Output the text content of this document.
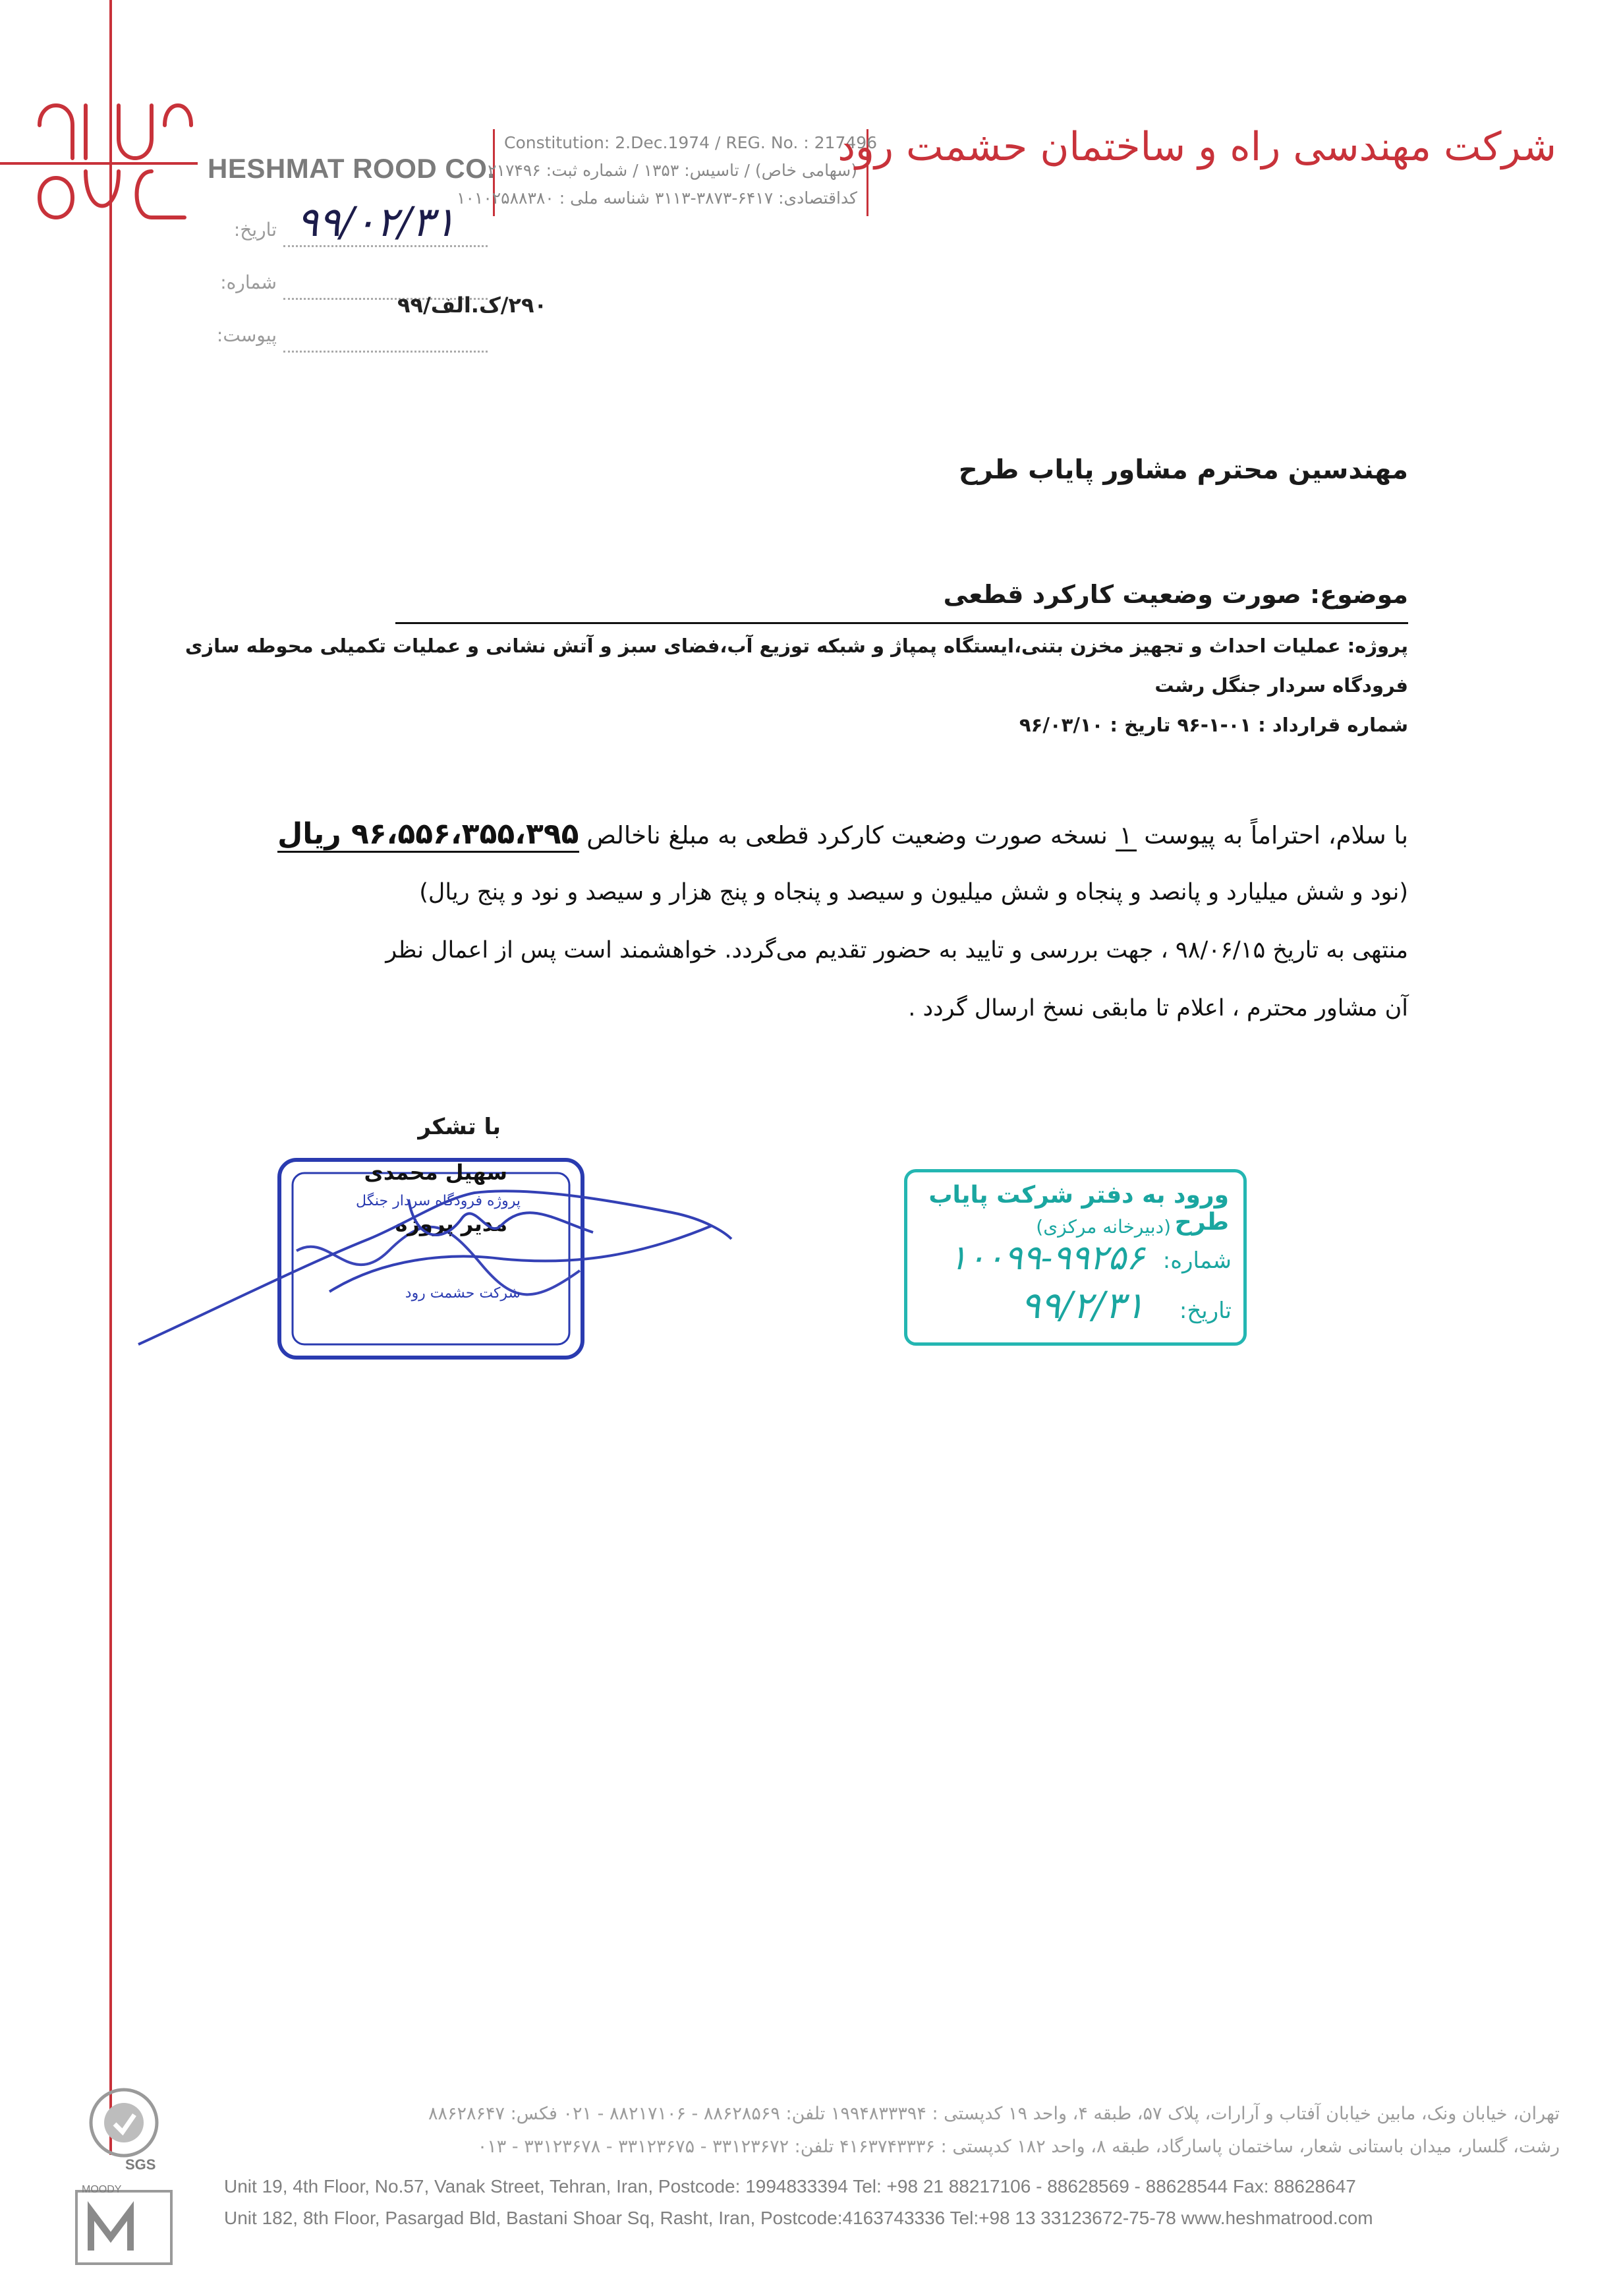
HESHMAT ROOD CO.
Constitution: 2.Dec.1974 / REG. No. : 217496
(سهامی خاص) / تاسیس: ۱۳۵۳ / شماره ثبت: ۲۱۷۴۹۶
کداقتصادی: ۶۴۱۷-۳۸۷۳-۳۱۱۳ شناسه ملی : ۱۰۱۰۲۵۸۸۳۸۰
شرکت مهندسی راه و ساختمان حشمت رود
تاریخ: ۹۹/۰۲/۳۱
شماره:
۲۹۰/ک.الف/۹۹
پیوست:
مهندسین محترم مشاور پایاب طرح
موضوع: صورت وضعیت کارکرد قطعی
پروژه: عملیات احداث و تجهیز مخزن بتنی،ایستگاه پمپاژ و شبکه توزیع آب،فضای سبز و آتش نشانی و عملیات تکمیلی محوطه سازی
فرودگاه سردار جنگل رشت
شماره قرارداد : ۰۱-۱-۹۶ تاریخ : ۹۶/۰۳/۱۰
با سلام، احتراماً به پیوست ۱ نسخه صورت وضعیت کارکرد قطعی به مبلغ ناخالص ۹۶،۵۵۶،۳۵۵،۳۹۵ ریال
(نود و شش میلیارد و پانصد و پنجاه و شش میلیون و سیصد و پنجاه و پنج هزار و سیصد و نود و پنج ریال)
منتهی به تاریخ ۹۸/۰۶/۱۵ ، جهت بررسی و تایید به حضور تقدیم می‌گردد. خواهشمند است پس از اعمال نظر
آن مشاور محترم ، اعلام تا مابقی نسخ ارسال گردد .
با تشکر
پروژه فرودگاه سردار جنگل
شرکت حشمت رود
سهیل محمدی
مدیر پروژه
ورود به دفتر شرکت پایاب طرح
(دبیرخانه مرکزی)
شماره:
۱۰۰۹۹-۹۹۲۵۶
تاریخ:
۹۹/۲/۳۱
SGS
MOODY
تهران، خیابان ونک، مابین خیابان آفتاب و آرارات، پلاک ۵۷، طبقه ۴، واحد ۱۹ کدپستی : ۱۹۹۴۸۳۳۳۹۴ تلفن: ۸۸۶۲۸۵۶۹ - ۸۸۲۱۷۱۰۶ - ۰۲۱ فکس: ۸۸۶۲۸۶۴۷
رشت، گلسار، میدان باستانی شعار، ساختمان پاسارگاد، طبقه ۸، واحد ۱۸۲ کدپستی : ۴۱۶۳۷۴۳۳۳۶ تلفن: ۳۳۱۲۳۶۷۲ - ۳۳۱۲۳۶۷۵ - ۳۳۱۲۳۶۷۸ - ۰۱۳
Unit 19, 4th Floor, No.57, Vanak Street, Tehran, Iran, Postcode: 1994833394 Tel: +98 21 88217106 - 88628569 - 88628544 Fax: 88628647
Unit 182, 8th Floor, Pasargad Bld, Bastani Shoar Sq, Rasht, Iran, Postcode:4163743336 Tel:+98 13 33123672-75-78 www.heshmatrood.com
